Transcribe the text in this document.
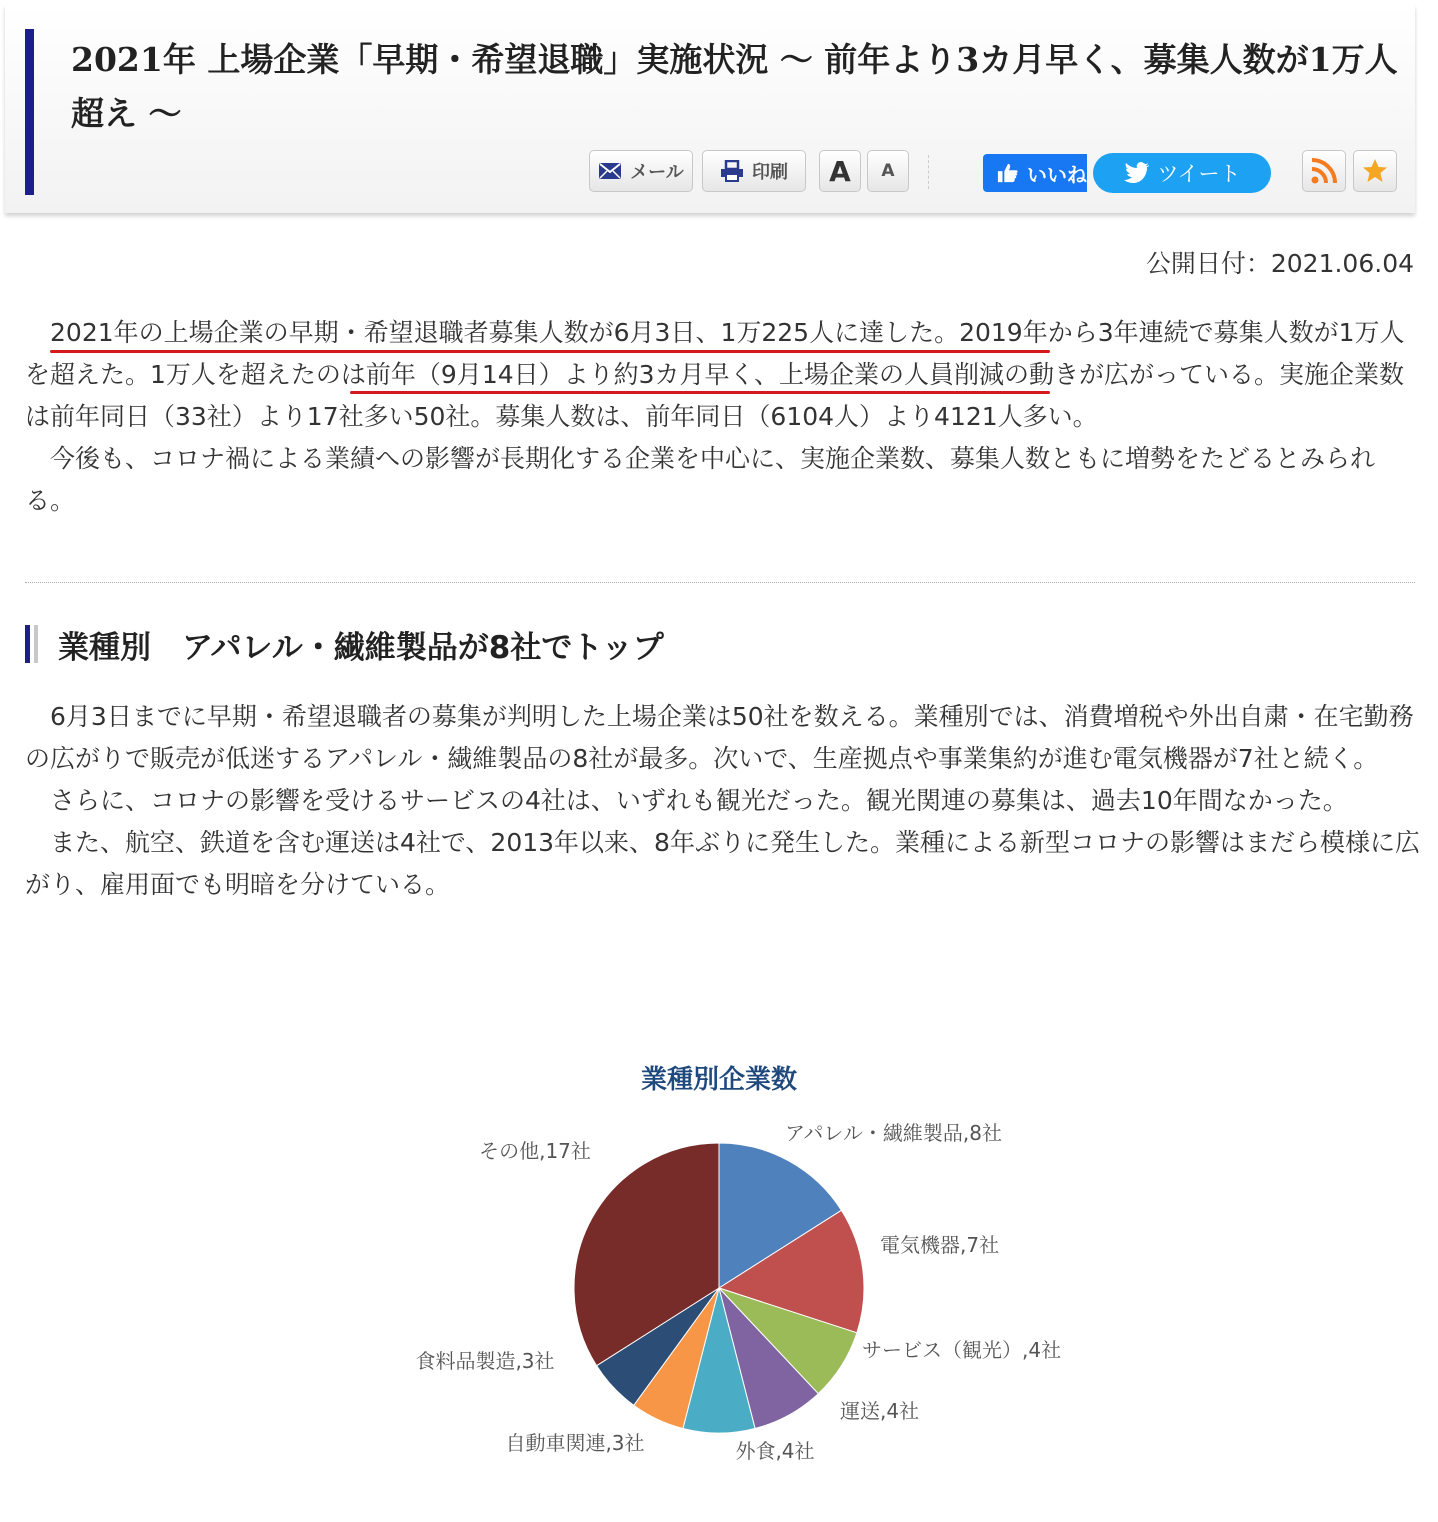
2021年 上場企業「早期・希望退職」実施状況 〜 前年より3カ月早く、募集人数が1万人超え 〜
メール	印刷 A A	いいね	ツイート
公開日付：2021.06.04

　2021年の上場企業の早期・希望退職者募集人数が6月3日、1万225人に達した。2019年から3年連続で募集人数が1万人を超えた。1万人を超えたのは前年（9月14日）より約3カ月早く、上場企業の人員削減の動きが広がっている。実施企業数は前年同日（33社）より17社多い50社。募集人数は、前年同日（6104人）より4121人多い。

　今後も、コロナ禍による業績への影響が長期化する企業を中心に、実施企業数、募集人数ともに増勢をたどるとみられる。

業種別　アパレル・繊維製品が8社でトップ

　6月3日までに早期・希望退職者の募集が判明した上場企業は50社を数える。業種別では、消費増税や外出自粛・在宅勤務の広がりで販売が低迷するアパレル・繊維製品の8社が最多。次いで、生産拠点や事業集約が進む電気機器が7社と続く。

　さらに、コロナの影響を受けるサービスの4社は、いずれも観光だった。観光関連の募集は、過去10年間なかった。

　また、航空、鉄道を含む運送は4社で、2013年以来、8年ぶりに発生した。業種による新型コロナの影響はまだら模様に広がり、雇用面でも明暗を分けている。

業種別企業数
アパレル・繊維製品,8社
電気機器,7社
サービス（観光）,4社
運送,4社
外食,4社
自動車関連,3社
食料品製造,3社
その他,17社
